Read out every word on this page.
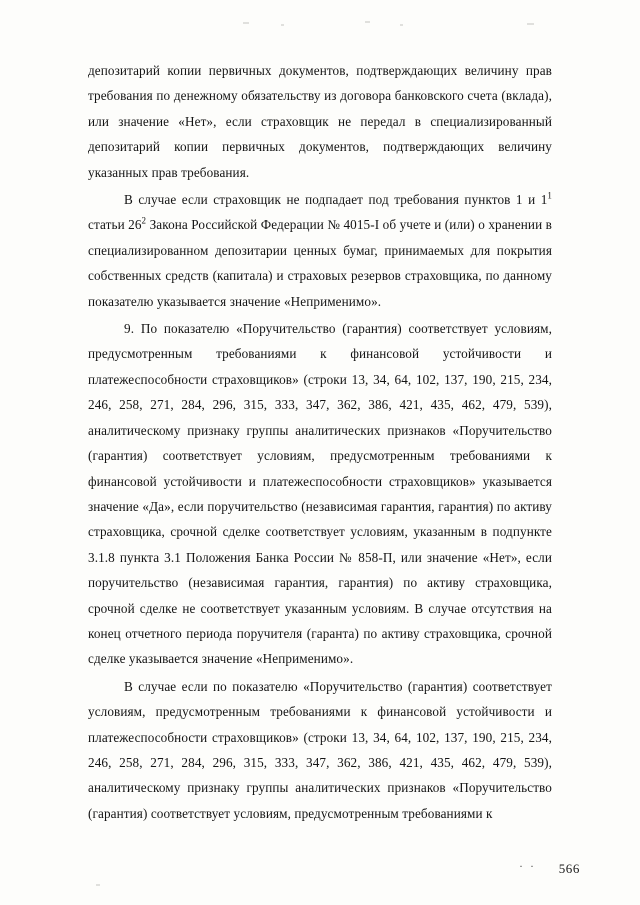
депозитарий копии первичных документов, подтверждающих величину прав требования по денежному обязательству из договора банковского счета (вклада), или значение «Нет», если страховщик не передал в специализированный депозитарий копии первичных документов, подтверждающих величину указанных прав требования.

В случае если страховщик не подпадает под требования пунктов 1 и $1^1$ статьи $26^2$ Закона Российской Федерации № 4015-I об учете и (или) о хранении в специализированном депозитарии ценных бумаг, принимаемых для покрытия собственных средств (капитала) и страховых резервов страховщика, по данному показателю указывается значение «Неприменимо».

9. По показателю «Поручительство (гарантия) соответствует условиям, предусмотренным требованиями к финансовой устойчивости и платежеспособности страховщиков» (строки 13, 34, 64, 102, 137, 190, 215, 234, 246, 258, 271, 284, 296, 315, 333, 347, 362, 386, 421, 435, 462, 479, 539), аналитическому признаку группы аналитических признаков «Поручительство (гарантия) соответствует условиям, предусмотренным требованиями к финансовой устойчивости и платежеспособности страховщиков» указывается значение «Да», если поручительство (независимая гарантия, гарантия) по активу страховщика, срочной сделке соответствует условиям, указанным в подпункте 3.1.8 пункта 3.1 Положения Банка России № 858-П, или значение «Нет», если поручительство (независимая гарантия, гарантия) по активу страховщика, срочной сделке не соответствует указанным условиям. В случае отсутствия на конец отчетного периода поручителя (гаранта) по активу страховщика, срочной сделке указывается значение «Неприменимо».

В случае если по показателю «Поручительство (гарантия) соответствует условиям, предусмотренным требованиями к финансовой устойчивости и платежеспособности страховщиков» (строки 13, 34, 64, 102, 137, 190, 215, 234, 246, 258, 271, 284, 296, 315, 333, 347, 362, 386, 421, 435, 462, 479, 539), аналитическому признаку группы аналитических признаков «Поручительство (гарантия) соответствует условиям, предусмотренным требованиями к

· · 566
